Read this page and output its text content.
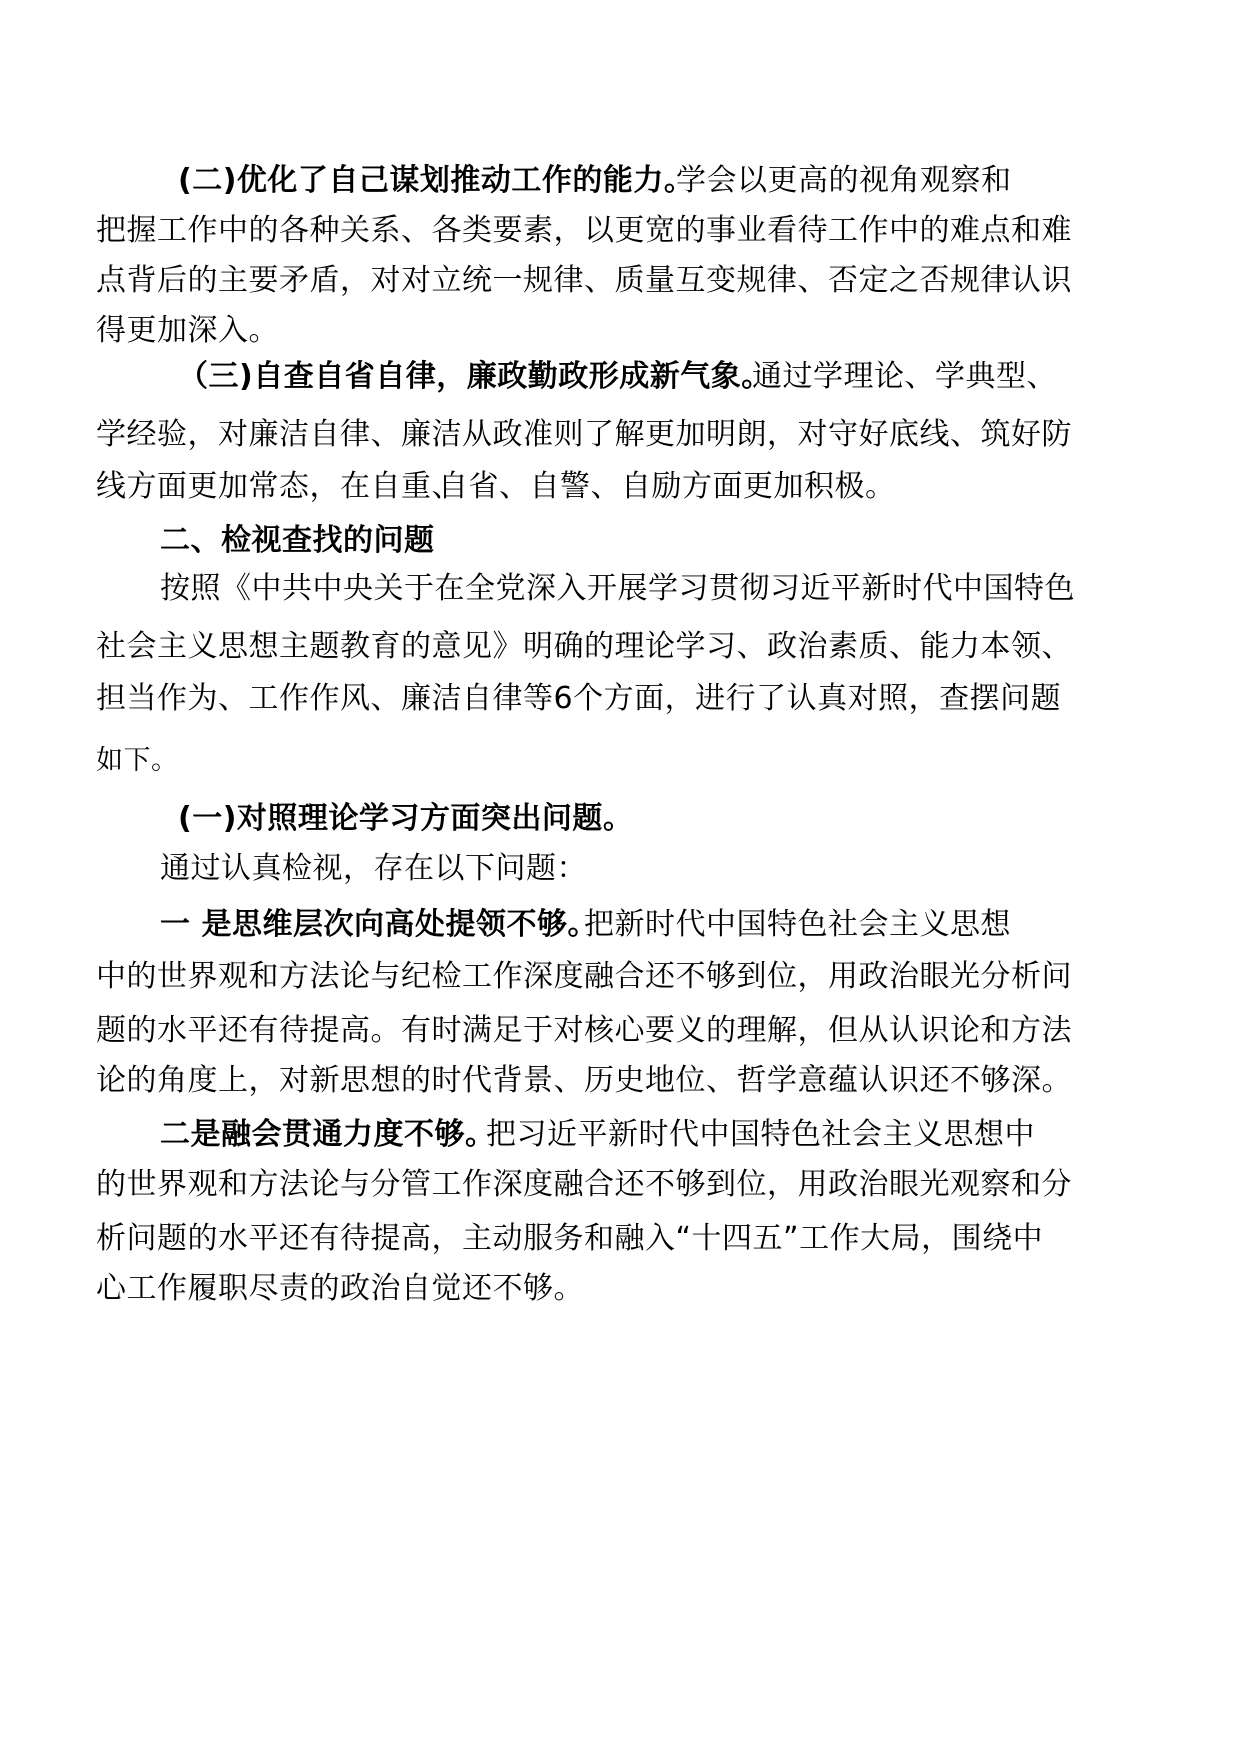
(二)优化了自己谋划推动工作的能力。
学会以更高的视角观察和
把握工作中的各种关系、各类要素，以更宽的事业看待工作中的难点和难
点背后的主要矛盾，对对立统一规律、质量互变规律、否定之否规律认识
得更加深入。
（三)自查自省自律，廉政勤政形成新气象。
通过学理论、学典型、
学经验，对廉洁自律、廉洁从政准则了解更加明朗，对守好底线、筑好防
线方面更加常态，在自重、
自省、自警、自励方面更加积极。
二、检视查找的问题
按照《中共中央关于在全党深入开展学习贯彻习近平新时代中国特色
社会主义思想主题教育的意见》明确的理论学习、政治素质、能力本领、
担当作为、工作作风、廉洁自律等6个方面，进行了认真对照，查摆问题
如下。
(一)对照理论学习方面突出问题。
通过认真检视，存在以下问题：
一 是思维层次向高处提领不够。
把新时代中国特色社会主义思想
中的世界观和方法论与纪检工作深度融合还不够到位，用政治眼光分析问
题的水平还有待提高。有时满足于对核心要义的理解，但从认识论和方法
论的角度上，对新思想的时代背景、历史地位、哲学意蕴认识还不够深。
二是融会贯通力度不够。
把习近平新时代中国特色社会主义思想中
的世界观和方法论与分管工作深度融合还不够到位，用政治眼光观察和分
析问题的水平还有待提高，主动服务和融入“十四五”工作大局，围绕中
心工作履职尽责的政治自觉还不够。
